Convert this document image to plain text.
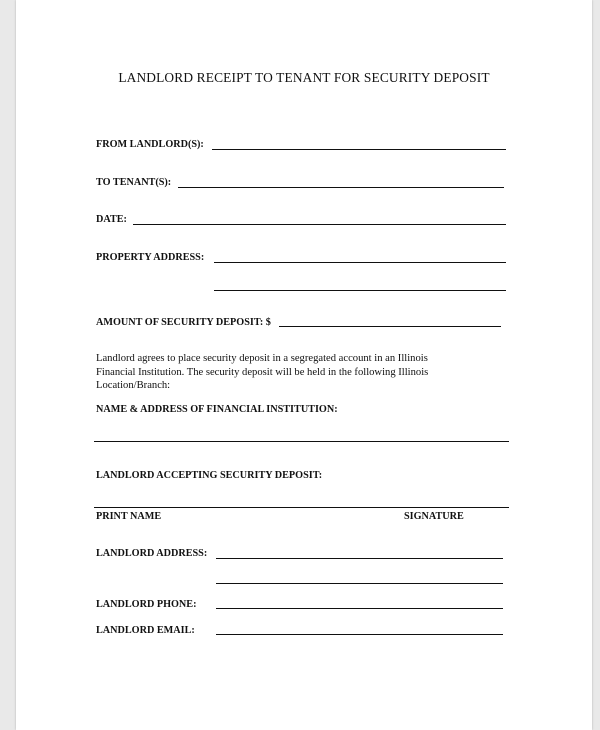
LANDLORD RECEIPT TO TENANT FOR SECURITY DEPOSIT
FROM LANDLORD(S):
TO TENANT(S):
DATE:
PROPERTY ADDRESS:
AMOUNT OF SECURITY DEPOSIT: $
Landlord agrees to place security deposit in a segregated account in an Illinois
Financial Institution. The security deposit will be held in the following Illinois
Location/Branch:
NAME & ADDRESS OF FINANCIAL INSTITUTION:
LANDLORD ACCEPTING SECURITY DEPOSIT:
PRINT NAME	SIGNATURE
LANDLORD ADDRESS:
LANDLORD PHONE:
LANDLORD EMAIL:
